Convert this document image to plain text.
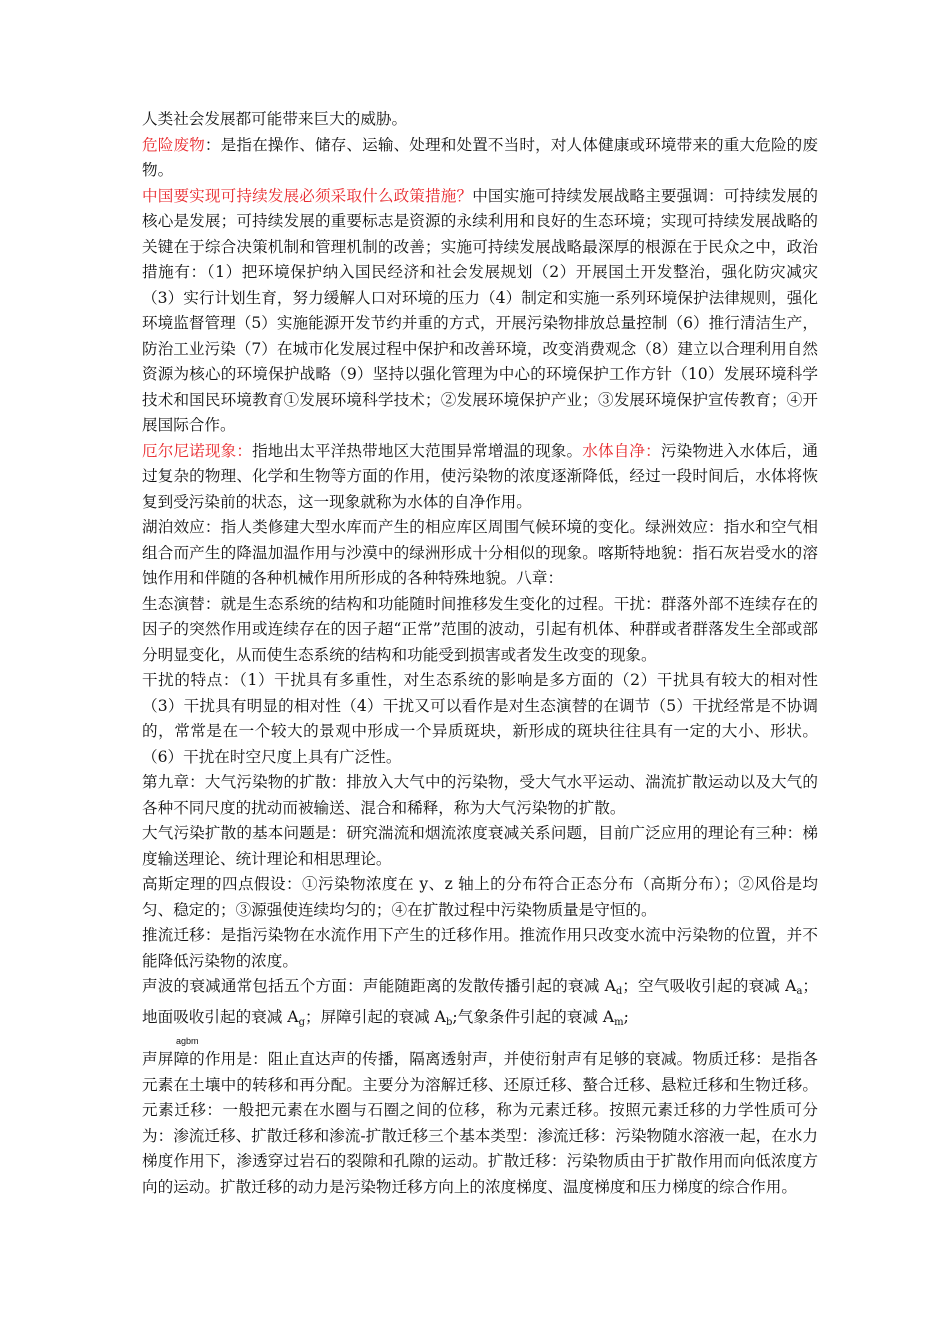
人类社会发展都可能带来巨大的威胁。

危险废物：是指在操作、储存、运输、处理和处置不当时，对人体健康或环境带来的重大危险的废物。

中国要实现可持续发展必须采取什么政策措施？中国实施可持续发展战略主要强调：可持续发展的核心是发展；可持续发展的重要标志是资源的永续利用和良好的生态环境；实现可持续发展战略的关键在于综合决策机制和管理机制的改善；实施可持续发展战略最深厚的根源在于民众之中，政治措施有：（1）把环境保护纳入国民经济和社会发展规划（2）开展国土开发整治，强化防灾减灾（3）实行计划生育，努力缓解人口对环境的压力（4）制定和实施一系列环境保护法律规则，强化环境监督管理（5）实施能源开发节约并重的方式，开展污染物排放总量控制（6）推行清洁生产，防治工业污染（7）在城市化发展过程中保护和改善环境，改变消费观念（8）建立以合理利用自然资源为核心的环境保护战略（9）坚持以强化管理为中心的环境保护工作方针（10）发展环境科学技术和国民环境教育①发展环境科学技术；②发展环境保护产业；③发展环境保护宣传教育；④开展国际合作。

厄尔尼诺现象：指地出太平洋热带地区大范围异常增温的现象。水体自净：污染物进入水体后，通过复杂的物理、化学和生物等方面的作用，使污染物的浓度逐渐降低，经过一段时间后，水体将恢复到受污染前的状态，这一现象就称为水体的自净作用。

湖泊效应：指人类修建大型水库而产生的相应库区周围气候环境的变化。绿洲效应：指水和空气相组合而产生的降温加温作用与沙漠中的绿洲形成十分相似的现象。喀斯特地貌：指石灰岩受水的溶蚀作用和伴随的各种机械作用所形成的各种特殊地貌。八章：

生态演替：就是生态系统的结构和功能随时间推移发生变化的过程。干扰：群落外部不连续存在的因子的突然作用或连续存在的因子超“正常”范围的波动，引起有机体、种群或者群落发生全部或部分明显变化，从而使生态系统的结构和功能受到损害或者发生改变的现象。

干扰的特点：（1）干扰具有多重性，对生态系统的影响是多方面的（2）干扰具有较大的相对性（3）干扰具有明显的相对性（4）干扰又可以看作是对生态演替的在调节（5）干扰经常是不协调的，常常是在一个较大的景观中形成一个异质斑块，新形成的斑块往往具有一定的大小、形状。（6）干扰在时空尺度上具有广泛性。

第九章：大气污染物的扩散：排放入大气中的污染物，受大气水平运动、湍流扩散运动以及大气的各种不同尺度的扰动而被输送、混合和稀释，称为大气污染物的扩散。

大气污染扩散的基本问题是：研究湍流和烟流浓度衰减关系问题，目前广泛应用的理论有三种：梯度输送理论、统计理论和相思理论。

高斯定理的四点假设：①污染物浓度在 y、z 轴上的分布符合正态分布（高斯分布）；②风俗是均匀、稳定的；③源强使连续均匀的；④在扩散过程中污染物质量是守恒的。

推流迁移：是指污染物在水流作用下产生的迁移作用。推流作用只改变水流中污染物的位置，并不能降低污染物的浓度。

声波的衰减通常包括五个方面：声能随距离的发散传播引起的衰减 $A_d$；空气吸收引起的衰减 $A_a$；地面吸收引起的衰减 $A_g$；屏障引起的衰减 $A_b$;气象条件引起的衰减 $A_m$;
agbm

声屏障的作用是：阻止直达声的传播，隔离透射声，并使衍射声有足够的衰减。物质迁移：是指各元素在土壤中的转移和再分配。主要分为溶解迁移、还原迁移、螯合迁移、悬粒迁移和生物迁移。元素迁移：一般把元素在水圈与石圈之间的位移，称为元素迁移。按照元素迁移的力学性质可分为：渗流迁移、扩散迁移和渗流-扩散迁移三个基本类型：渗流迁移：污染物随水溶液一起，在水力梯度作用下，渗透穿过岩石的裂隙和孔隙的运动。扩散迁移：污染物质由于扩散作用而向低浓度方向的运动。扩散迁移的动力是污染物迁移方向上的浓度梯度、温度梯度和压力梯度的综合作用。
